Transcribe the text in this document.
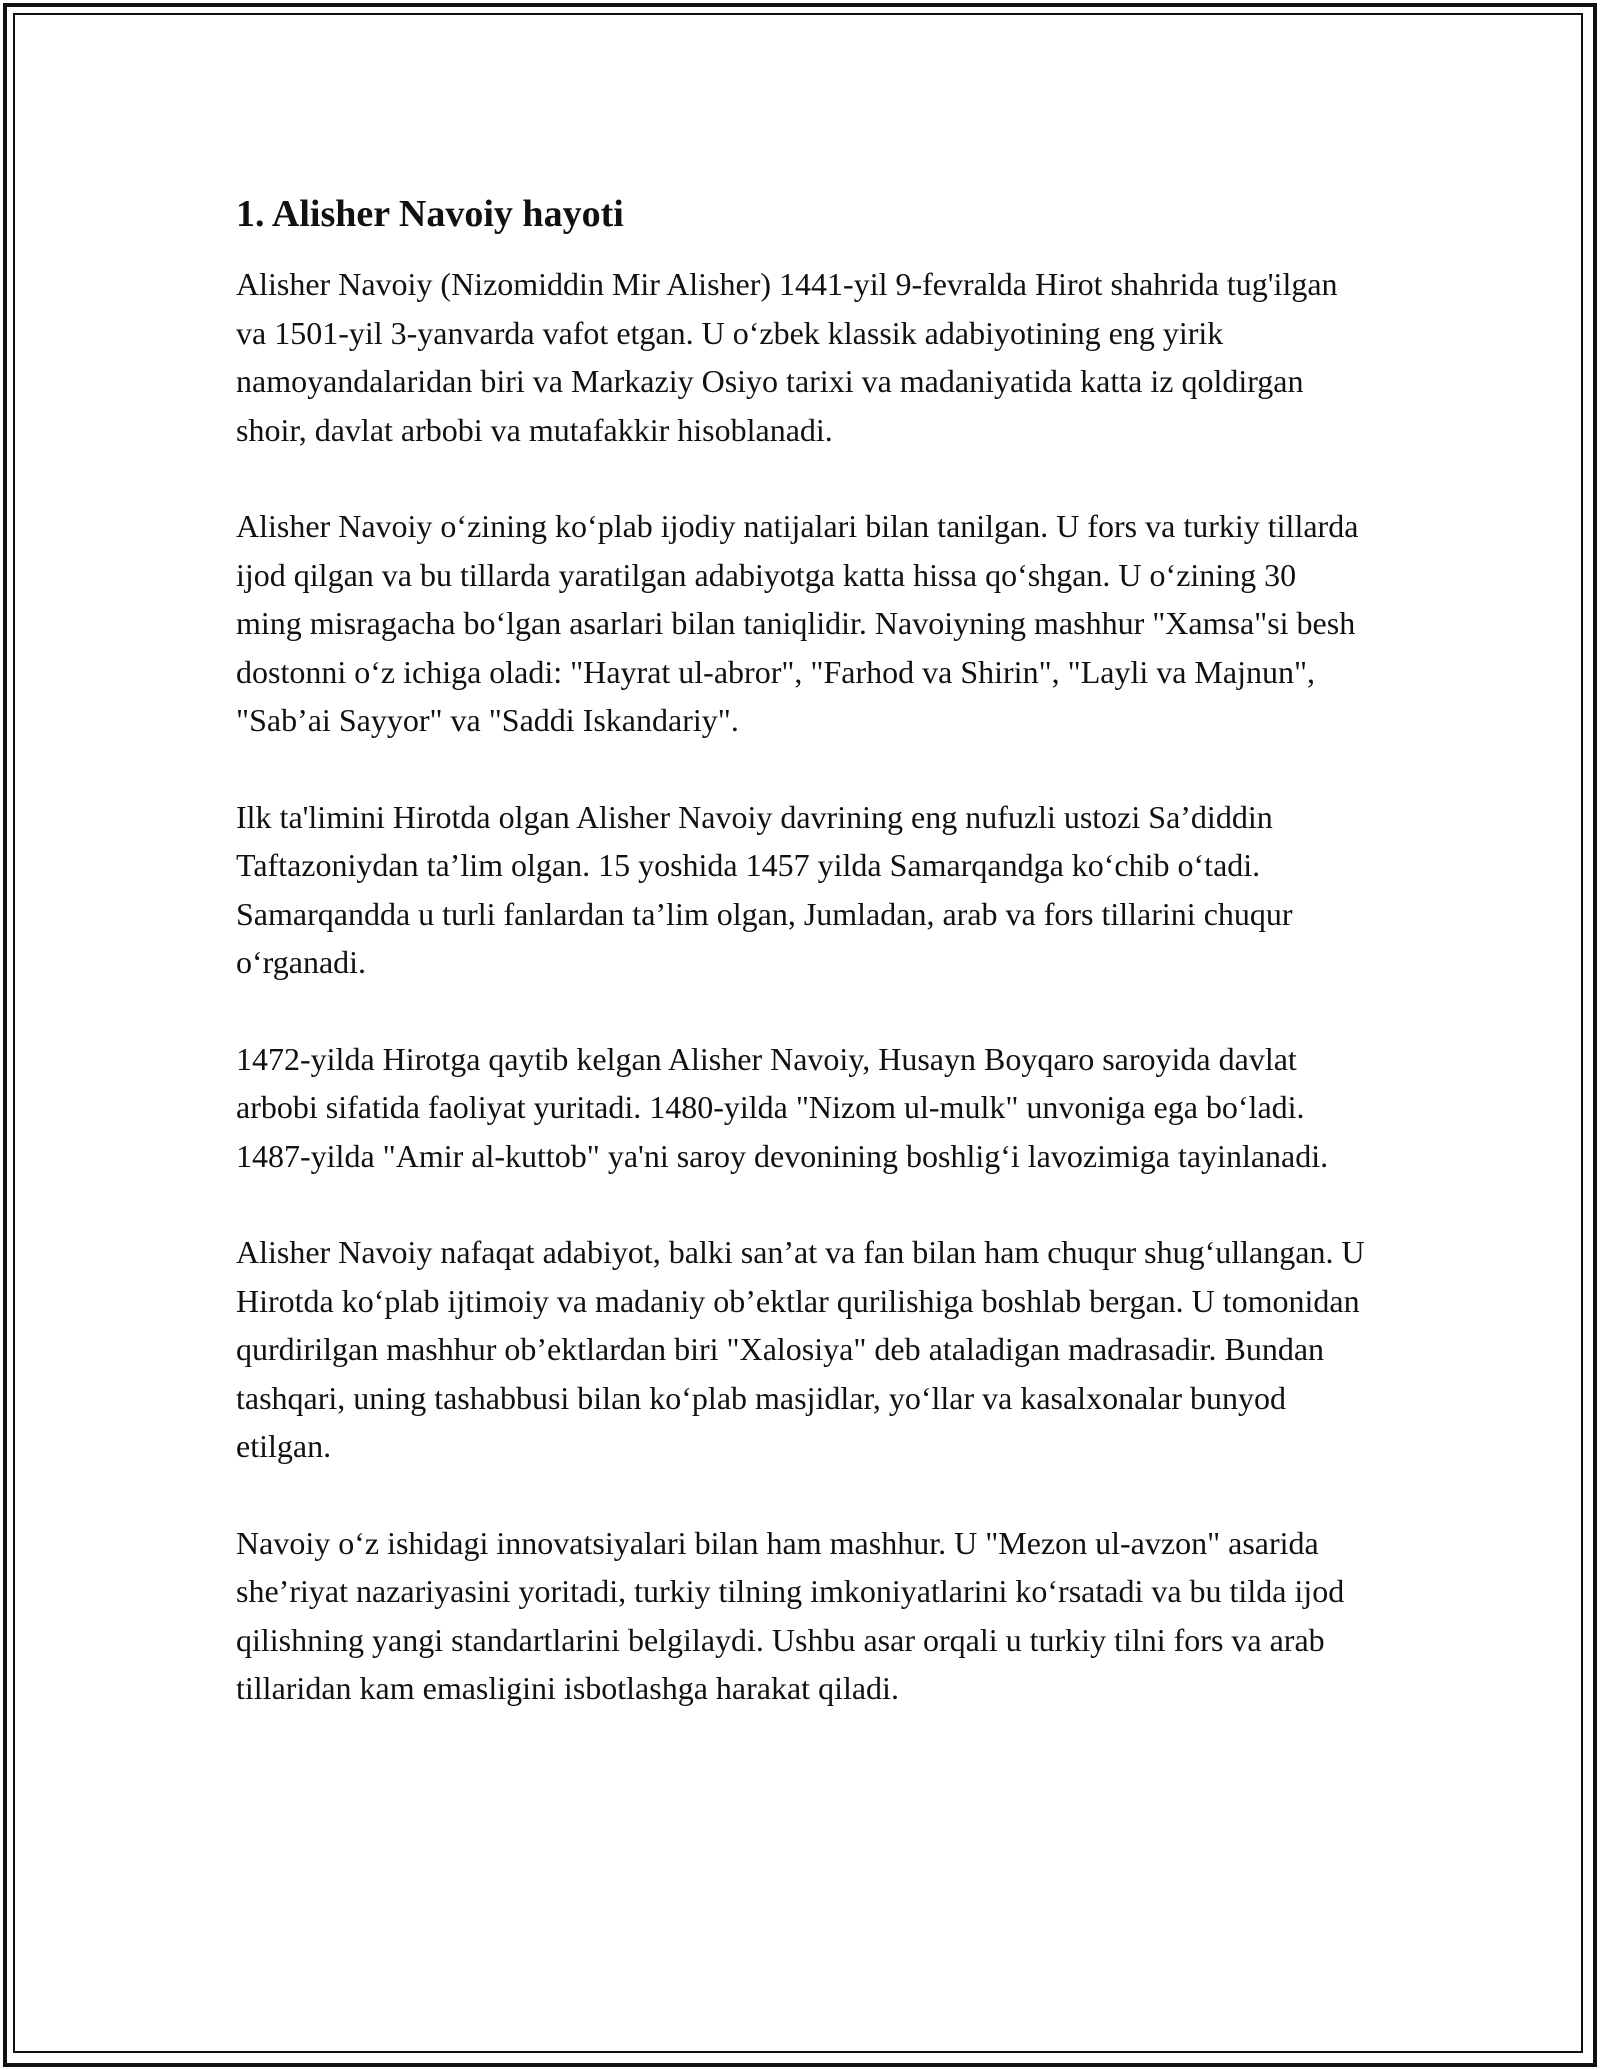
1. Alisher Navoiy hayoti

Alisher Navoiy (Nizomiddin Mir Alisher) 1441-yil 9-fevralda Hirot shahrida tug'ilgan va 1501-yil 3-yanvarda vafot etgan. U o‘zbek klassik adabiyotining eng yirik namoyandalaridan biri va Markaziy Osiyo tarixi va madaniyatida katta iz qoldirgan shoir, davlat arbobi va mutafakkir hisoblanadi.

Alisher Navoiy o‘zining ko‘plab ijodiy natijalari bilan tanilgan. U fors va turkiy tillarda ijod qilgan va bu tillarda yaratilgan adabiyotga katta hissa qo‘shgan. U o‘zining 30 ming misragacha bo‘lgan asarlari bilan taniqlidir. Navoiyning mashhur "Xamsa"si besh dostonni o‘z ichiga oladi: "Hayrat ul-abror", "Farhod va Shirin", "Layli va Majnun", "Sab’ai Sayyor" va "Saddi Iskandariy".

Ilk ta'limini Hirotda olgan Alisher Navoiy davrining eng nufuzli ustozi Sa’diddin Taftazoniydan ta’lim olgan. 15 yoshida 1457 yilda Samarqandga ko‘chib o‘tadi. Samarqandda u turli fanlardan ta’lim olgan, Jumladan, arab va fors tillarini chuqur o‘rganadi.

1472-yilda Hirotga qaytib kelgan Alisher Navoiy, Husayn Boyqaro saroyida davlat arbobi sifatida faoliyat yuritadi. 1480-yilda "Nizom ul-mulk" unvoniga ega bo‘ladi. 1487-yilda "Amir al-kuttob" ya'ni saroy devonining boshlig‘i lavozimiga tayinlanadi.

Alisher Navoiy nafaqat adabiyot, balki san’at va fan bilan ham chuqur shug‘ullangan. U Hirotda ko‘plab ijtimoiy va madaniy ob’ektlar qurilishiga boshlab bergan. U tomonidan qurdirilgan mashhur ob’ektlardan biri "Xalosiya" deb ataladigan madrasadir. Bundan tashqari, uning tashabbusi bilan ko‘plab masjidlar, yo‘llar va kasalxonalar bunyod etilgan.

Navoiy o‘z ishidagi innovatsiyalari bilan ham mashhur. U "Mezon ul-avzon" asarida she’riyat nazariyasini yoritadi, turkiy tilning imkoniyatlarini ko‘rsatadi va bu tilda ijod qilishning yangi standartlarini belgilaydi. Ushbu asar orqali u turkiy tilni fors va arab tillaridan kam emasligini isbotlashga harakat qiladi.
